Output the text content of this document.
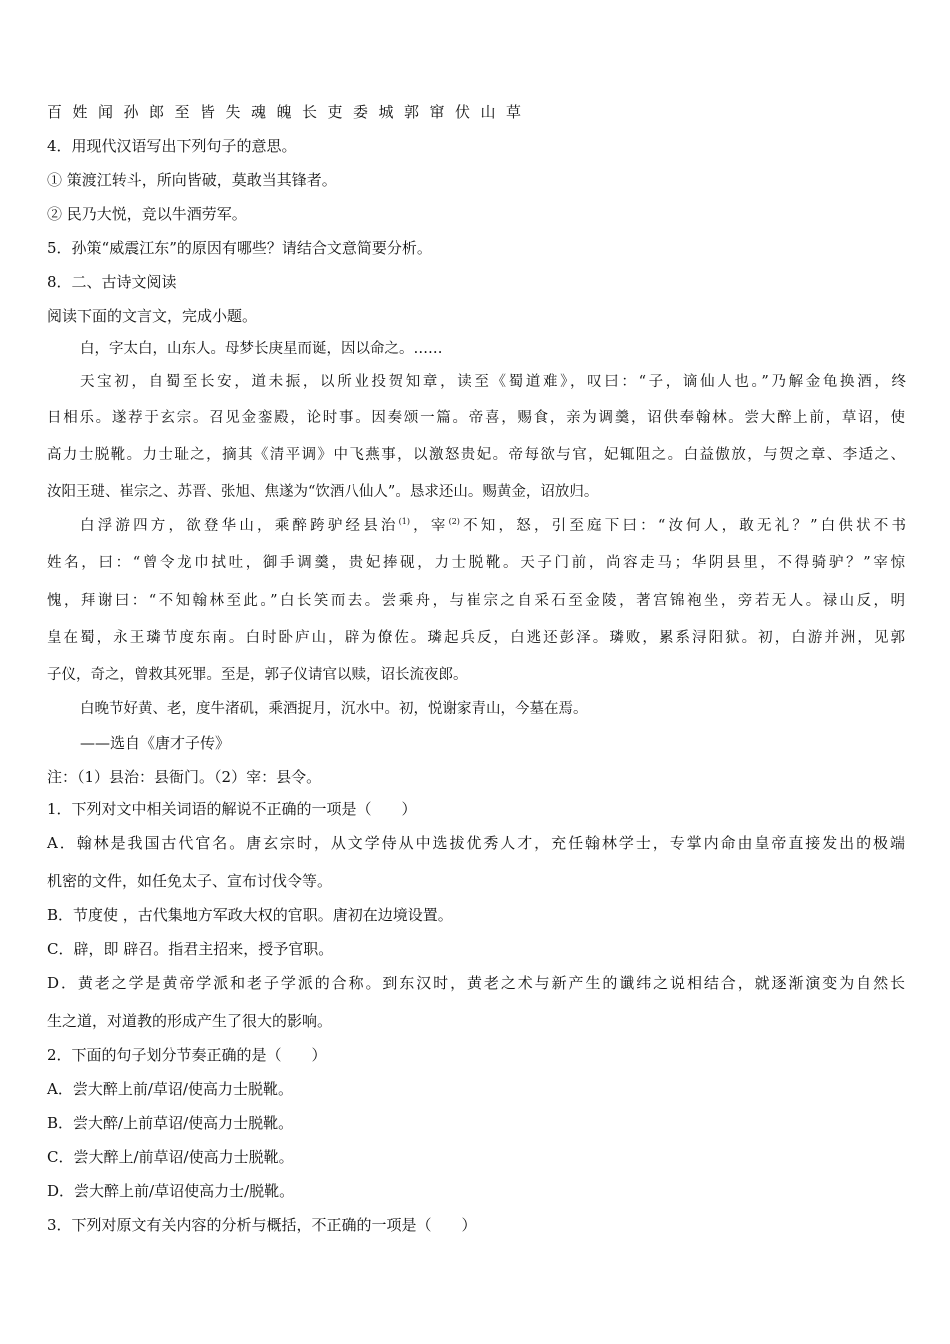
百姓闻孙郎至皆失魂魄长吏委城郭窜伏山草
4．用现代汉语写出下列句子的意思。
① 策渡江转斗，所向皆破，莫敢当其锋者。
② 民乃大悦，竞以牛酒劳军。
5．孙策“威震江东”的原因有哪些？请结合文意简要分析。
8．二、古诗文阅读
阅读下面的文言文，完成小题。
白，字太白，山东人。母梦长庚星而诞，因以命之。……
天宝初，自蜀至长安，道未振，以所业投贺知章，读至《蜀道难》，叹曰：“子，谪仙人也。”乃解金龟换酒，终
日相乐。遂荐于玄宗。召见金銮殿，论时事。因奏颂一篇。帝喜，赐食，亲为调羹，诏供奉翰林。尝大醉上前，草诏，使
高力士脱靴。力士耻之，摘其《清平调》中飞燕事，以激怒贵妃。帝每欲与官，妃辄阻之。白益傲放，与贺之章、李适之、
汝阳王琎、崔宗之、苏晋、张旭、焦遂为“饮酒八仙人”。恳求还山。赐黄金，诏放归。
白浮游四方，欲登华山，乘醉跨驴经县治$^{(1)}$，宰$^{(2)}$不知，怒，引至庭下曰：“汝何人，敢无礼？”白供状不书
姓名，曰：“曾令龙巾拭吐，御手调羹，贵妃捧砚，力士脱靴。天子门前，尚容走马；华阴县里，不得骑驴？”宰惊
愧，拜谢曰：“不知翰林至此。”白长笑而去。尝乘舟，与崔宗之自采石至金陵，著宫锦袍坐，旁若无人。禄山反，明
皇在蜀，永王璘节度东南。白时卧庐山，辟为僚佐。璘起兵反，白逃还彭泽。璘败，累系浔阳狱。初，白游并洲，见郭
子仪，奇之，曾救其死罪。至是，郭子仪请官以赎，诏长流夜郎。
白晚节好黄、老，度牛渚矶，乘酒捉月，沉水中。初，悦谢家青山，今墓在焉。
——选自《唐才子传》
注：（1）县治：县衙门。（2）宰：县令。
1．下列对文中相关词语的解说不正确的一项是（　　）
A．翰林是我国古代官名。唐玄宗时，从文学侍从中选拔优秀人才，充任翰林学士，专掌内命由皇帝直接发出的极端
机密的文件，如任免太子、宣布讨伐令等。
B．节度使 ，古代集地方军政大权的官职。唐初在边境设置。
C．辟，即 辟召。指君主招来，授予官职。
D．黄老之学是黄帝学派和老子学派的合称。到东汉时，黄老之术与新产生的谶纬之说相结合，就逐渐演变为自然长
生之道，对道教的形成产生了很大的影响。
2．下面的句子划分节奏正确的是（　　）
A．尝大醉上前/草诏/使高力士脱靴。
B．尝大醉/上前草诏/使高力士脱靴。
C．尝大醉上/前草诏/使高力士脱靴。
D．尝大醉上前/草诏使高力士/脱靴。
3．下列对原文有关内容的分析与概括，不正确的一项是（　　）
